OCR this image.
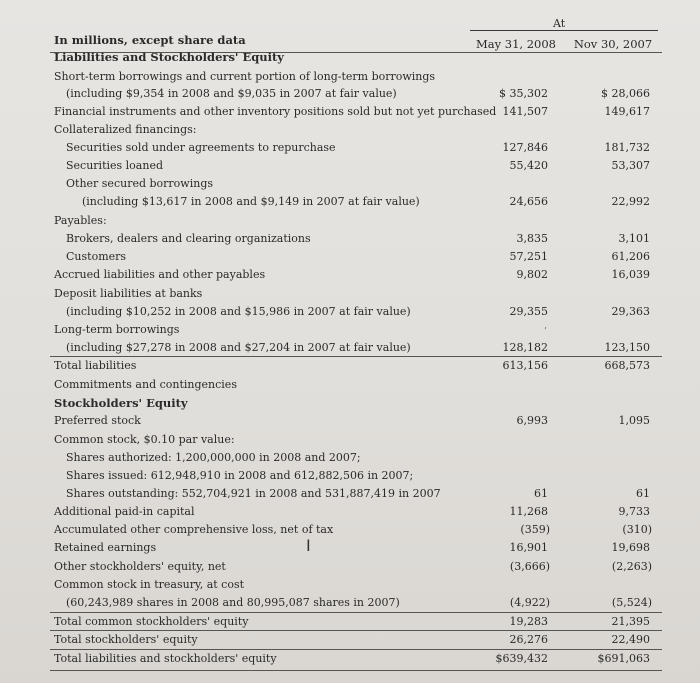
At
In millions, except share data	May 31, 2008	Nov 30, 2007
Liabilities and Stockholders' Equity
Short-term borrowings and current portion of long-term borrowings
(including $9,354 in 2008 and $9,035 in 2007 at fair value)	$ 35,302	$ 28,066
Financial instruments and other inventory positions sold but not yet purchased 141,507	149,617
Collateralized financings:
Securities sold under agreements to repurchase	127,846	181,732
Securities loaned	55,420	53,307
Other secured borrowings
(including $13,617 in 2008 and $9,149 in 2007 at fair value)	24,656	22,992
Payables:
Brokers, dealers and clearing organizations	3,835	3,101
Customers	57,251	61,206
Accrued liabilities and other payables	9,802	16,039
Deposit liabilities at banks
(including $10,252 in 2008 and $15,986 in 2007 at fair value)	29,355	29,363
Long-term borrowings
(including $27,278 in 2008 and $27,204 in 2007 at fair value)	128,182	123,150
Total liabilities	613,156	668,573
Commitments and contingencies
Stockholders' Equity
Preferred stock	6,993	1,095
Common stock, $0.10 par value:
Shares authorized: 1,200,000,000 in 2008 and 2007;
Shares issued: 612,948,910 in 2008 and 612,882,506 in 2007;
Shares outstanding: 552,704,921 in 2008 and 531,887,419 in 2007	61	61
Additional paid-in capital	11,268	9,733
Accumulated other comprehensive loss, net of tax	(359)	(310)
Retained earnings	16,901	19,698
Other stockholders' equity, net	(3,666)	(2,263)
Common stock in treasury, at cost
(60,243,989 shares in 2008 and 80,995,087 shares in 2007)	(4,922)	(5,524)
Total common stockholders' equity	19,283	21,395
Total stockholders' equity	26,276	22,490
Total liabilities and stockholders' equity	$639,432	$691,063
’
I
